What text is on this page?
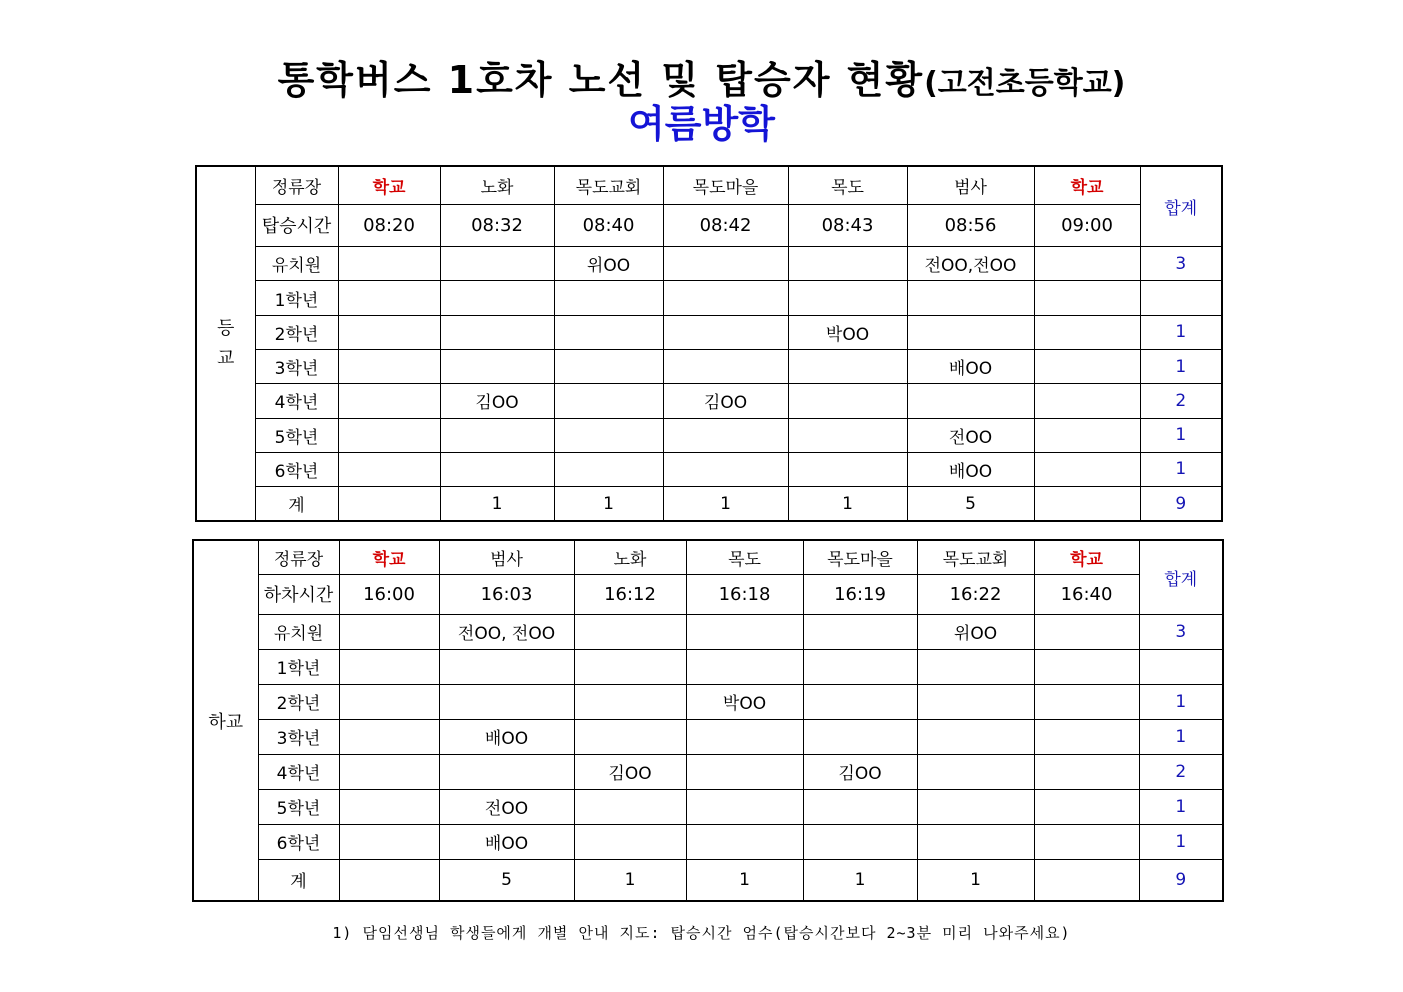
통학버스 1호차 노선 및 탑승자 현황(고전초등학교)
여름방학
등교	정류장	학교	노화	목도교회	목도마을	목도	범사	학교	합계
	탑승시간	08:20	08:32	08:40	08:42	08:43	08:56	09:00	
	유치원			위OO			전OO,전OO		3
	1학년								
	2학년					박OO			1
	3학년						배OO		1
	4학년		김OO		김OO				2
	5학년						전OO		1
	6학년						배OO		1
	계		1	1	1	1	5		9
하교	정류장	학교	범사	노화	목도	목도마을	목도교회	학교	합계
	하차시간	16:00	16:03	16:12	16:18	16:19	16:22	16:40	
	유치원		전OO, 전OO				위OO		3
	1학년								
	2학년				박OO				1
	3학년		배OO						1
	4학년			김OO		김OO			2
	5학년		전OO						1
	6학년		배OO						1
	계		5	1	1	1	1		9
1) 담임선생님 학생들에게 개별 안내 지도: 탑승시간 엄수(탑승시간보다 2~3분 미리 나와주세요)
